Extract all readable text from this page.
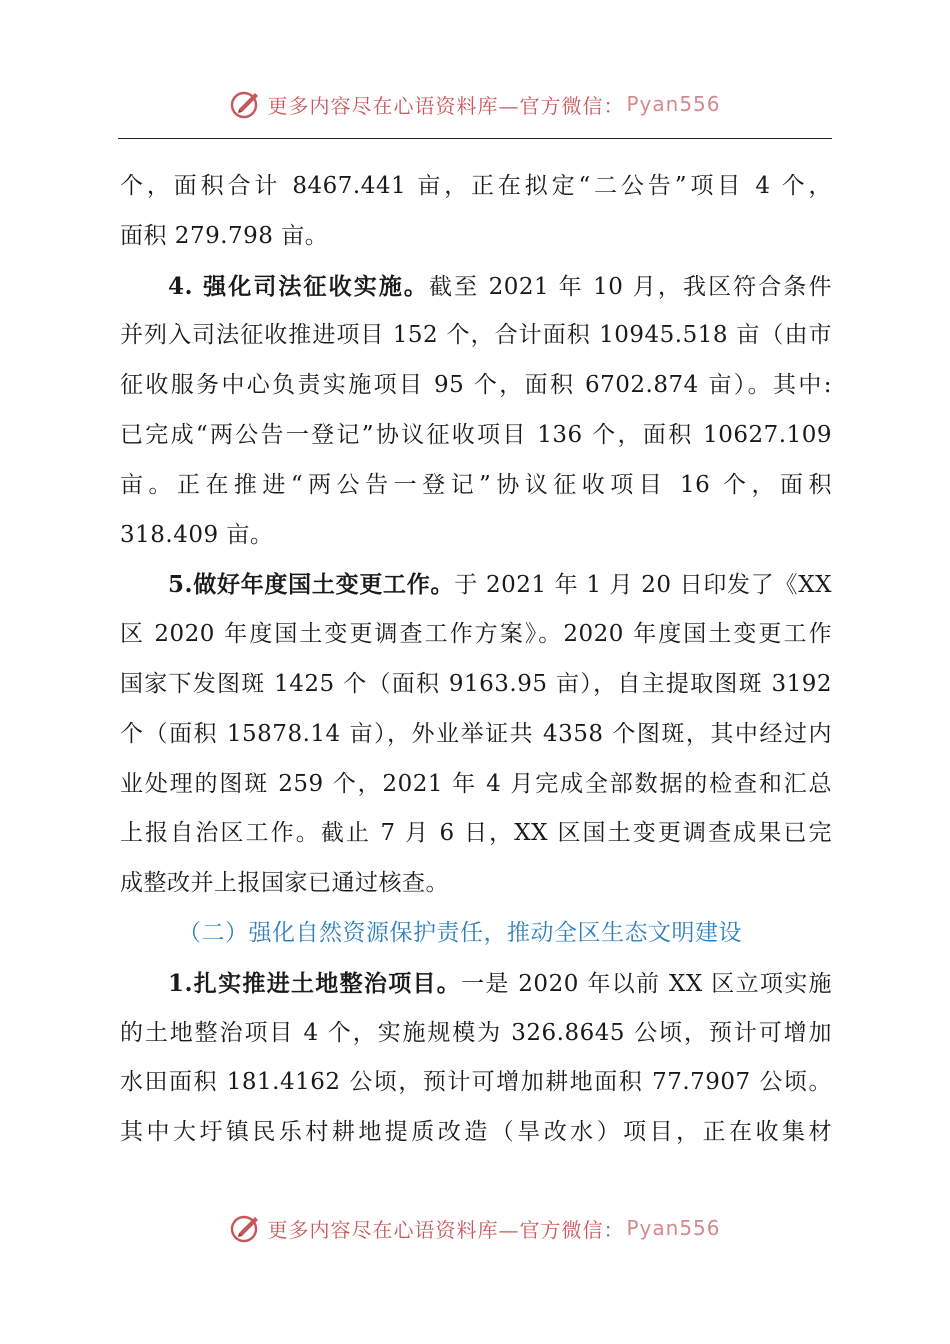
更多内容尽在心语资料库—官方微信： Pyan556
个，面积合计 8467.441 亩，正在拟定“二公告”项目 4 个，
面积 279.798 亩。
4. 强化司法征收实施。截至 2021 年 10 月，我区符合条件
并列入司法征收推进项目 152 个，合计面积 10945.518 亩（由市
征收服务中心负责实施项目 95 个，面积 6702.874 亩）。其中:
已完成“两公告一登记”协议征收项目 136 个，面积 10627.109
亩。正在推进“两公告一登记”协议征收项目 16 个，面积
318.409 亩。
5.做好年度国土变更工作。于 2021 年 1 月 20 日印发了《XX
区 2020 年度国土变更调查工作方案》。2020 年度国土变更工作
国家下发图斑 1425 个（面积 9163.95 亩），自主提取图斑 3192
个（面积 15878.14 亩），外业举证共 4358 个图斑，其中经过内
业处理的图斑 259 个，2021 年 4 月完成全部数据的检查和汇总
上报自治区工作。截止 7 月 6 日，XX 区国土变更调查成果已完
成整改并上报国家已通过核查。
（二）强化自然资源保护责任，推动全区生态文明建设
1.扎实推进土地整治项目。一是 2020 年以前 XX 区立项实施
的土地整治项目 4 个，实施规模为 326.8645 公顷，预计可增加
水田面积 181.4162 公顷，预计可增加耕地面积 77.7907 公顷。
其中大圩镇民乐村耕地提质改造（旱改水）项目，正在收集材
更多内容尽在心语资料库—官方微信： Pyan556
